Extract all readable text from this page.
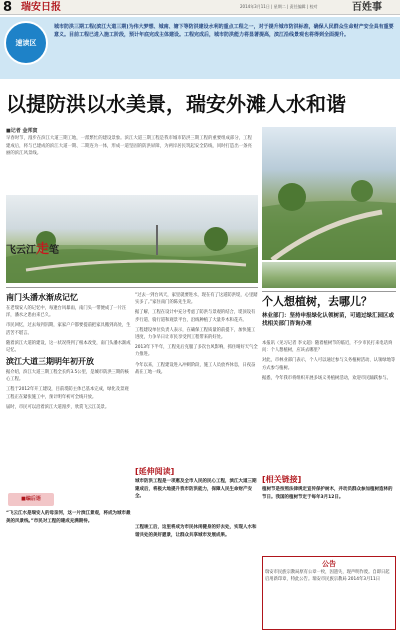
8 瑞安日报	2014年3月11日 | 星期二 | 责任编辑 | 校对	百姓事
速读区
城市防洪三期工程(滨江大道三期)为伟大梦想、城南、塘下等防洪建设水利的重点工程之一，对于提升城市防洪标准，确保人民群众生命财产安全具有重要意义。目前工程已进入施工阶段，预计年底完成主体建设。工程完成后，城市防洪能力将显著提高，滨江沿线景观也将得到全面提升。
以提防洪以水美景，瑞安外滩人水和谐
■记者 金邦寅
早春时节，漫步在滨江大道三期工地，一派繁忙的建设景象。滨江大道三期工程是我市城市防洪三期工程的重要组成部分，工程建成后，将与已建成的滨江大道一期、二期连为一体，形成一道坚固的防洪屏障，为两岸居民筑起安全防线，同时打造出一条亮丽的滨江风景线。
飞云江走笔
南门头潘水渐成记忆

在老瑞安人的记忆中，每逢台风暴雨，南门头一带便成了一片汪洋，潘水之患由来已久。

市民回忆，过去每到汛期，家家户户都要提前把家具搬到高处，生活苦不堪言。

随着滨江大道的建设，这一状况得到了根本改变，南门头潘水渐成记忆。

滨江大道三期明年初开放

据介绍，滨江大道三期工程全长约3.5公里，是城市防洪三期的核心工程。

工程于2012年开工建设，目前堤防主体已基本完成，绿化及景观工程正在紧张施工中，预计明年初可全线开放。

届时，市民可以沿着滨江大道漫步，欣赏飞云江美景。

■编后语
“飞云江水是瑞安人的母亲河，这一片滨江景观，将成为城市最美的风景线。”市民对工程的建成充满期待。

“过去一到台风天，家里就要进水，现在有了这道防洪堤，心里踏实多了。”家住南门的陈先生说。

据了解，工程在设计中充分考虑了防洪与景观的结合，堤顶设有步行道、骑行道和观景平台，沿线种植了大量乔木和花卉。

工程建设单位负责人表示，在确保工程质量的前提下，加快施工进度，力争早日让市民享受到工程带来的好处。

2013年下半年，工程先后克服了多次台风影响，抓住晴好天气全力推进。

今年以来，工程建设进入冲刺阶段，施工人员放弃休息，日夜奋战在工地一线。

[延伸阅读]
城市防洪工程是一项惠及全市人民的民心工程，滨江大道三期建成后，将极大地提升我市防洪能力，保障人民生命财产安全。
工程竣工后，这里将成为市民休闲健身的好去处，实现人水和谐共处的美好愿景，让群众共享城市发展成果。
个人想植树，去哪儿？
林业部门：坚持申报绿化认领树苗，可通过绿汇园区或找相关部门咨询办理

本报讯（见习记者 李文超）随着植树节的临近，不少市民打来电话询问：个人想植树，应该去哪里？

对此，市林业部门表示，个人可以通过参与义务植树活动、认领绿地等方式参与植树。

据悉，今年我市将组织开展多场义务植树活动，欢迎市民踊跃参与。

[相关链接]
植树节是按照法律规定宣传保护树木，并动员群众参加植树造林的节日。我国的植树节定于每年3月12日。
公告
瑞安市民族宗教局原有公章一枚，因遗失，现声明作废。自即日起启用新印章，特此公告。瑞安市民族宗教局 2014年3月11日
